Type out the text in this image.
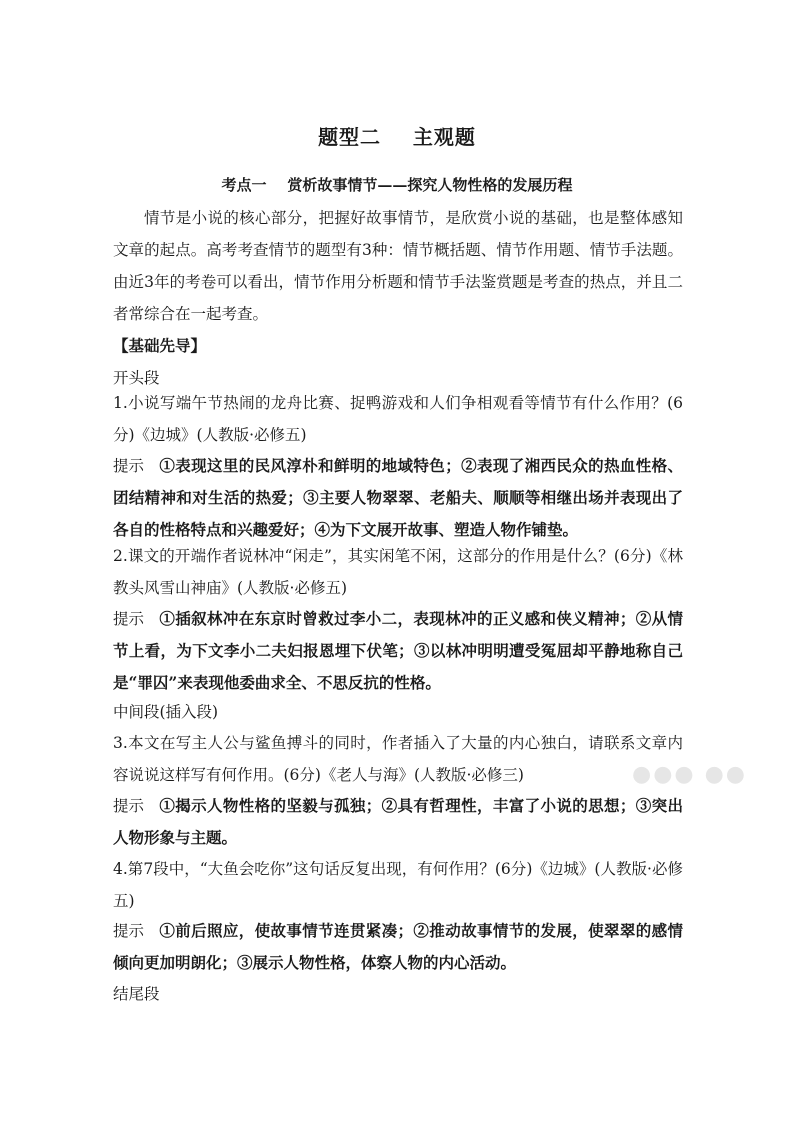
题型二    主观题
考点一    赏析故事情节——探究人物性格的发展历程

情节是小说的核心部分，把握好故事情节，是欣赏小说的基础，也是整体感知文章的起点。高考考查情节的题型有3种：情节概括题、情节作用题、情节手法题。由近3年的考卷可以看出，情节作用分析题和情节手法鉴赏题是考查的热点，并且二者常综合在一起考查。

【基础先导】
开头段

1.小说写端午节热闹的龙舟比赛、捉鸭游戏和人们争相观看等情节有什么作用？(6分)《边城》(人教版·必修五)

提示 ①表现这里的民风淳朴和鲜明的地域特色；②表现了湘西民众的热血性格、团结精神和对生活的热爱；③主要人物翠翠、老船夫、顺顺等相继出场并表现出了各自的性格特点和兴趣爱好；④为下文展开故事、塑造人物作铺垫。

2.课文的开端作者说林冲“闲走”，其实闲笔不闲，这部分的作用是什么？(6分)《林教头风雪山神庙》(人教版·必修五)

提示 ①插叙林冲在东京时曾救过李小二，表现林冲的正义感和侠义精神；②从情节上看，为下文李小二夫妇报恩埋下伏笔；③以林冲明明遭受冤屈却平静地称自己是“罪囚”来表现他委曲求全、不思反抗的性格。

中间段(插入段)

3.本文在写主人公与鲨鱼搏斗的同时，作者插入了大量的内心独白，请联系文章内容说说这样写有何作用。(6分)《老人与海》(人教版·必修三)

提示 ①揭示人物性格的坚毅与孤独；②具有哲理性，丰富了小说的思想；③突出人物形象与主题。

4.第7段中，“大鱼会吃你”这句话反复出现，有何作用？(6分)《边城》(人教版·必修五)

提示 ①前后照应，使故事情节连贯紧凑；②推动故事情节的发展，使翠翠的感情倾向更加明朗化；③展示人物性格，体察人物的内心活动。

结尾段
●●● ●●
